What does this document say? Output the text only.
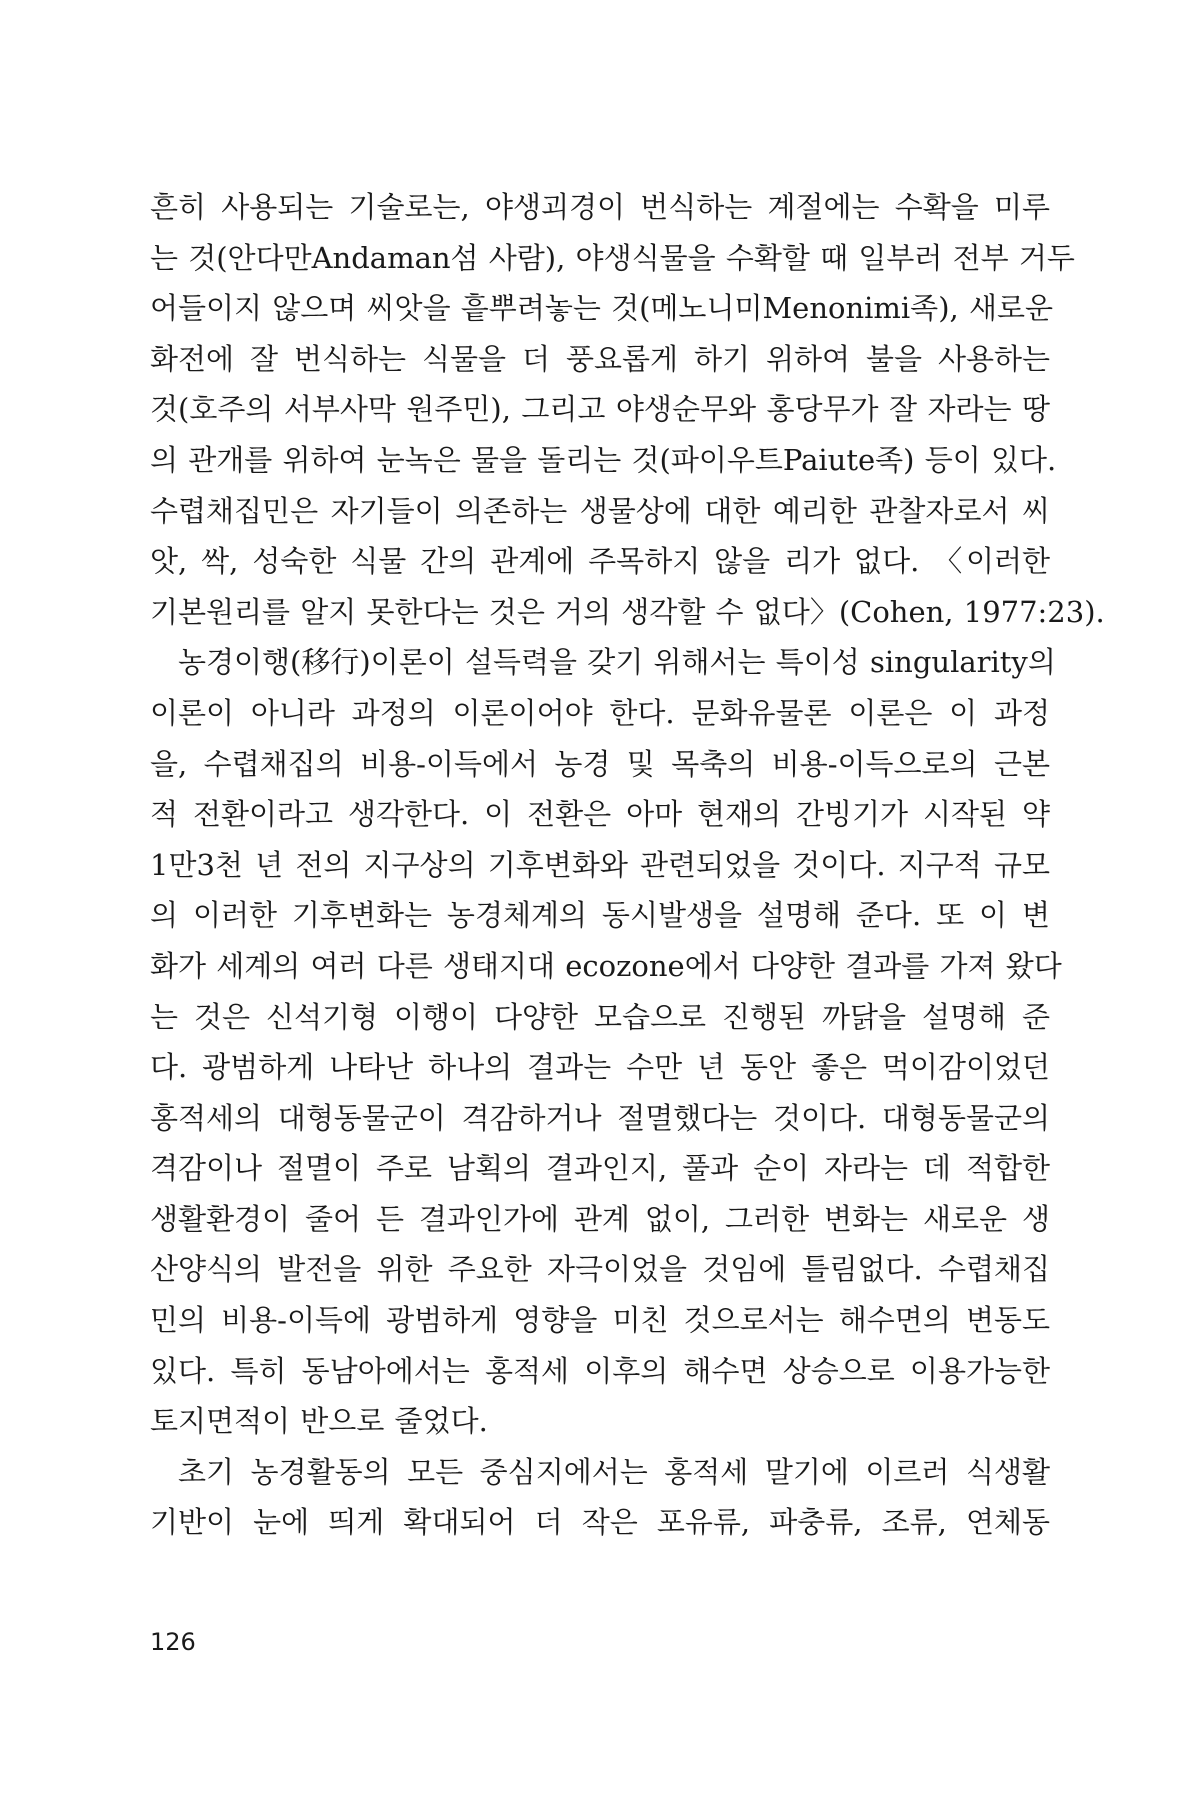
흔히 사용되는 기술로는, 야생괴경이 번식하는 계절에는 수확을 미루
는 것(안다만Andaman섬 사람), 야생식물을 수확할 때 일부러 전부 거두
어들이지 않으며 씨앗을 흩뿌려놓는 것(메노니미Menonimi족), 새로운
화전에 잘 번식하는 식물을 더 풍요롭게 하기 위하여 불을 사용하는
것(호주의 서부사막 원주민), 그리고 야생순무와 홍당무가 잘 자라는 땅
의 관개를 위하여 눈녹은 물을 돌리는 것(파이우트Paiute족) 등이 있다.
수렵채집민은 자기들이 의존하는 생물상에 대한 예리한 관찰자로서 씨
앗, 싹, 성숙한 식물 간의 관계에 주목하지 않을 리가 없다. 〈이러한
기본원리를 알지 못한다는 것은 거의 생각할 수 없다〉(Cohen, 1977:23).

농경이행(移行)이론이 설득력을 갖기 위해서는 특이성 singularity의
이론이 아니라 과정의 이론이어야 한다. 문화유물론 이론은 이 과정
을, 수렵채집의 비용-이득에서 농경 및 목축의 비용-이득으로의 근본
적 전환이라고 생각한다. 이 전환은 아마 현재의 간빙기가 시작된 약
1만3천 년 전의 지구상의 기후변화와 관련되었을 것이다. 지구적 규모
의 이러한 기후변화는 농경체계의 동시발생을 설명해 준다. 또 이 변
화가 세계의 여러 다른 생태지대 ecozone에서 다양한 결과를 가져 왔다
는 것은 신석기형 이행이 다양한 모습으로 진행된 까닭을 설명해 준
다. 광범하게 나타난 하나의 결과는 수만 년 동안 좋은 먹이감이었던
홍적세의 대형동물군이 격감하거나 절멸했다는 것이다. 대형동물군의
격감이나 절멸이 주로 남획의 결과인지, 풀과 순이 자라는 데 적합한
생활환경이 줄어 든 결과인가에 관계 없이, 그러한 변화는 새로운 생
산양식의 발전을 위한 주요한 자극이었을 것임에 틀림없다. 수렵채집
민의 비용-이득에 광범하게 영향을 미친 것으로서는 해수면의 변동도
있다. 특히 동남아에서는 홍적세 이후의 해수면 상승으로 이용가능한
토지면적이 반으로 줄었다.

초기 농경활동의 모든 중심지에서는 홍적세 말기에 이르러 식생활
기반이 눈에 띄게 확대되어 더 작은 포유류, 파충류, 조류, 연체동

126
